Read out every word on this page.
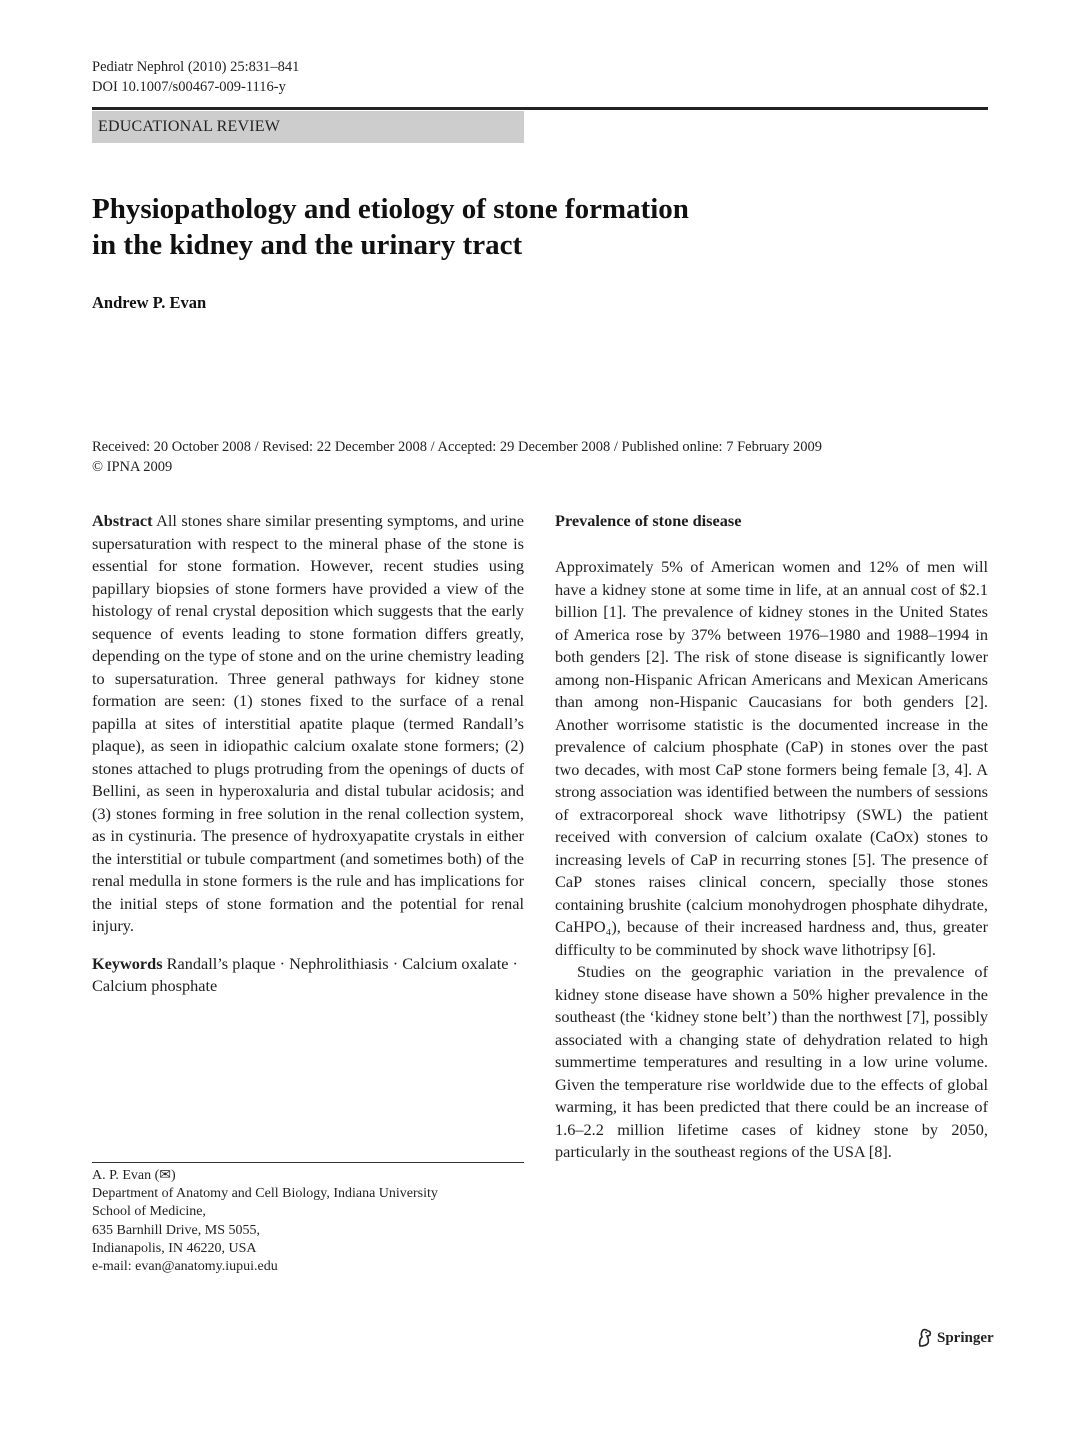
Pediatr Nephrol (2010) 25:831–841
DOI 10.1007/s00467-009-1116-y
EDUCATIONAL REVIEW
Physiopathology and etiology of stone formation
in the kidney and the urinary tract
Andrew P. Evan
Received: 20 October 2008 / Revised: 22 December 2008 / Accepted: 29 December 2008 / Published online: 7 February 2009
© IPNA 2009

Abstract All stones share similar presenting symptoms, and urine supersaturation with respect to the mineral phase of the stone is essential for stone formation. However, recent studies using papillary biopsies of stone formers have provided a view of the histology of renal crystal deposition which suggests that the early sequence of events leading to stone formation differs greatly, depending on the type of stone and on the urine chemistry leading to supersaturation. Three general pathways for kidney stone formation are seen: (1) stones fixed to the surface of a renal papilla at sites of interstitial apatite plaque (termed Randall’s plaque), as seen in idiopathic calcium oxalate stone formers; (2) stones attached to plugs protruding from the openings of ducts of Bellini, as seen in hyperoxaluria and distal tubular acidosis; and (3) stones forming in free solution in the renal collection system, as in cystinuria. The presence of hydroxyapatite crystals in either the interstitial or tubule compartment (and sometimes both) of the renal medulla in stone formers is the rule and has implications for the initial steps of stone formation and the potential for renal injury.

Keywords Randall’s plaque · Nephrolithiasis · Calcium oxalate · Calcium phosphate

A. P. Evan (✉)
Department of Anatomy and Cell Biology, Indiana University
School of Medicine,
635 Barnhill Drive, MS 5055,
Indianapolis, IN 46220, USA
e-mail: evan@anatomy.iupui.edu
Prevalence of stone disease

Approximately 5% of American women and 12% of men will have a kidney stone at some time in life, at an annual cost of $2.1 billion [1]. The prevalence of kidney stones in the United States of America rose by 37% between 1976–1980 and 1988–1994 in both genders [2]. The risk of stone disease is significantly lower among non-Hispanic African Americans and Mexican Americans than among non-Hispanic Caucasians for both genders [2]. Another worrisome statistic is the documented increase in the prevalence of calcium phosphate (CaP) in stones over the past two decades, with most CaP stone formers being female [3, 4]. A strong association was identified between the numbers of sessions of extracorporeal shock wave lithotripsy (SWL) the patient received with conversion of calcium oxalate (CaOx) stones to increasing levels of CaP in recurring stones [5]. The presence of CaP stones raises clinical concern, specially those stones containing brushite (calcium monohydrogen phosphate dihydrate, CaHPO₄), because of their increased hardness and, thus, greater difficulty to be comminuted by shock wave lithotripsy [6].

Studies on the geographic variation in the prevalence of kidney stone disease have shown a 50% higher prevalence in the southeast (the ‘kidney stone belt’) than the northwest [7], possibly associated with a changing state of dehydration related to high summertime temperatures and resulting in a low urine volume. Given the temperature rise worldwide due to the effects of global warming, it has been predicted that there could be an increase of 1.6–2.2 million lifetime cases of kidney stone by 2050, particularly in the southeast regions of the USA [8].

Springer
